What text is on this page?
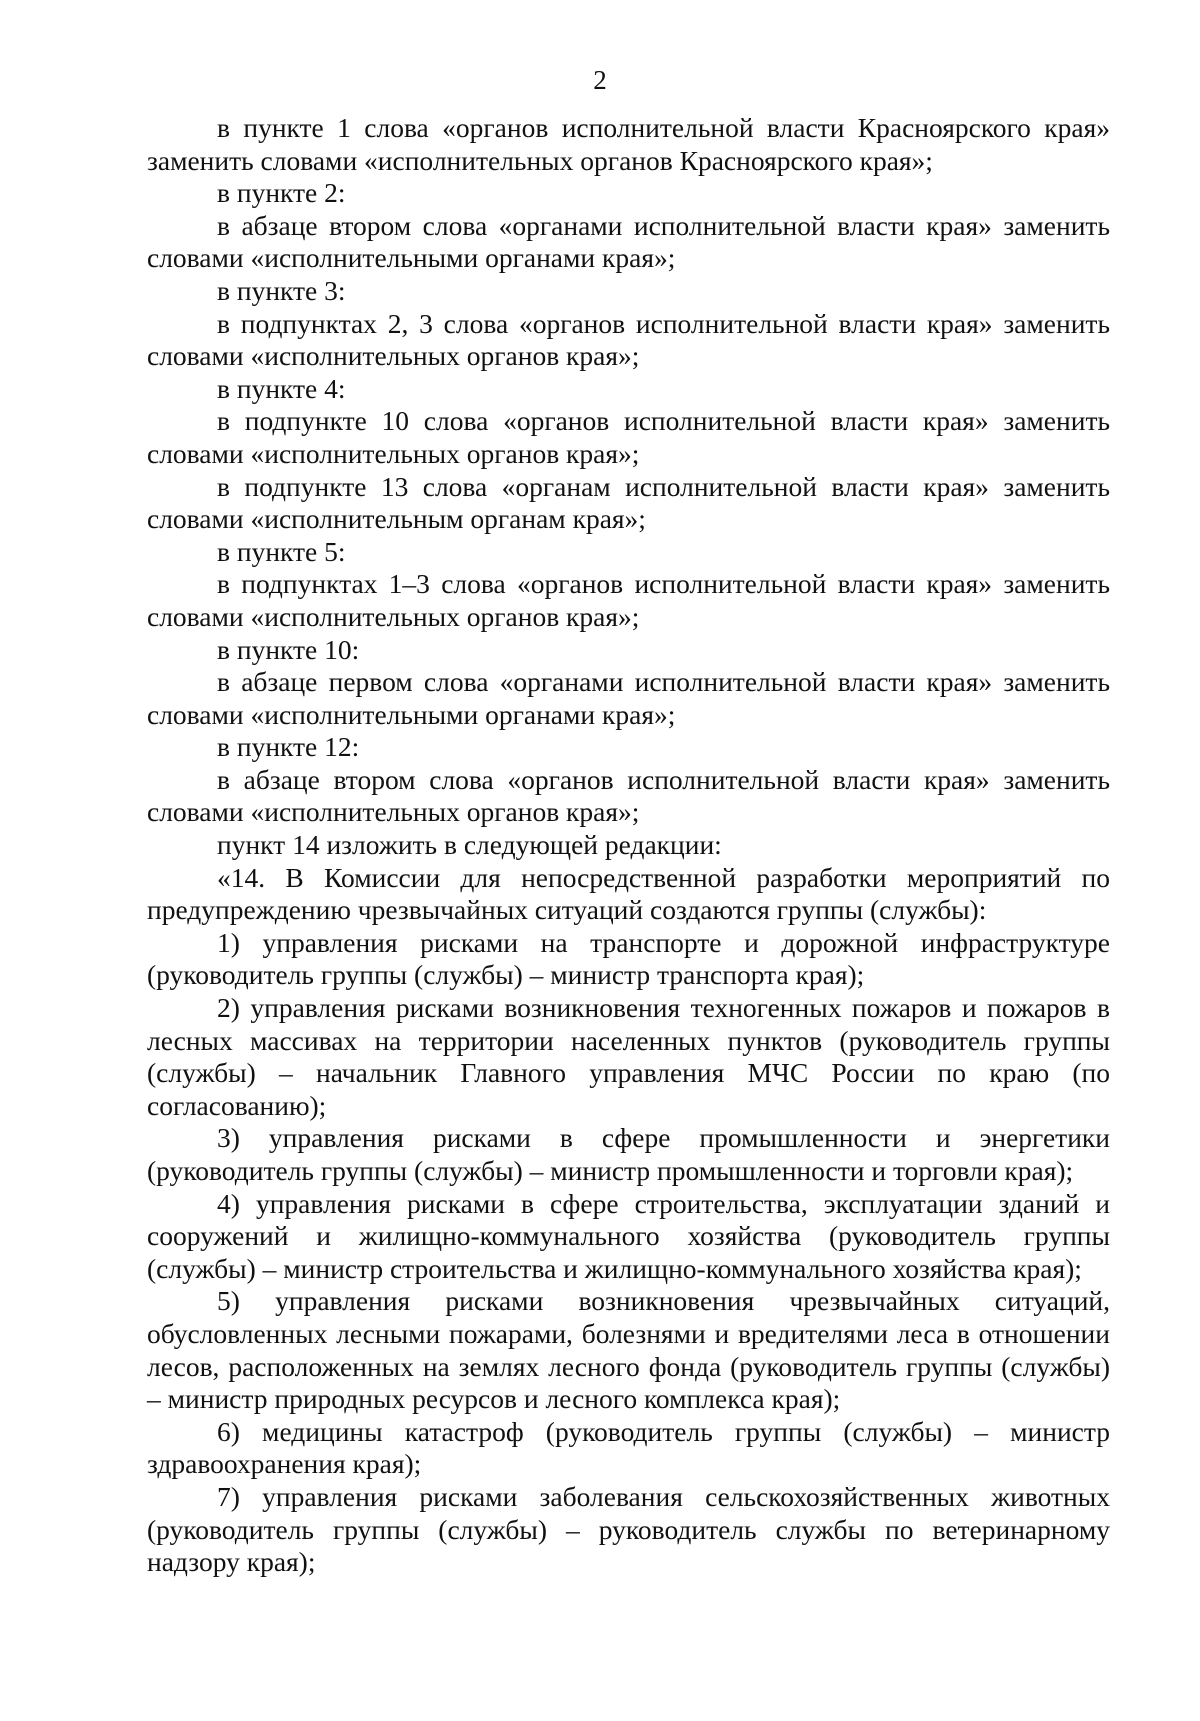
2

в пункте 1 слова «органов исполнительной власти Красноярского края» заменить словами «исполнительных органов Красноярского края»;

в пункте 2:

в абзаце втором слова «органами исполнительной власти края» заменить словами «исполнительными органами края»;

в пункте 3:

в подпунктах 2, 3 слова «органов исполнительной власти края» заменить словами «исполнительных органов края»;

в пункте 4:

в подпункте 10 слова «органов исполнительной власти края» заменить словами «исполнительных органов края»;

в подпункте 13 слова «органам исполнительной власти края» заменить словами «исполнительным органам края»;

в пункте 5:

в подпунктах 1–3 слова «органов исполнительной власти края» заменить словами «исполнительных органов края»;

в пункте 10:

в абзаце первом слова «органами исполнительной власти края» заменить словами «исполнительными органами края»;

в пункте 12:

в абзаце втором слова «органов исполнительной власти края» заменить словами «исполнительных органов края»;

пункт 14 изложить в следующей редакции:

«14. В Комиссии для непосредственной разработки мероприятий по предупреждению чрезвычайных ситуаций создаются группы (службы):

1) управления рисками на транспорте и дорожной инфраструктуре (руководитель группы (службы) – министр транспорта края);

2) управления рисками возникновения техногенных пожаров и пожаров в лесных массивах на территории населенных пунктов (руководитель группы (службы) – начальник Главного управления МЧС России по краю (по согласованию);

3) управления рисками в сфере промышленности и энергетики (руководитель группы (службы) – министр промышленности и торговли края);

4) управления рисками в сфере строительства, эксплуатации зданий и сооружений и жилищно-коммунального хозяйства (руководитель группы (службы) – министр строительства и жилищно-коммунального хозяйства края);

5) управления рисками возникновения чрезвычайных ситуаций, обусловленных лесными пожарами, болезнями и вредителями леса в отношении лесов, расположенных на землях лесного фонда (руководитель группы (службы) – министр природных ресурсов и лесного комплекса края);

6) медицины катастроф (руководитель группы (службы) – министр здравоохранения края);

7) управления рисками заболевания сельскохозяйственных животных (руководитель группы (службы) – руководитель службы по ветеринарному надзору края);
